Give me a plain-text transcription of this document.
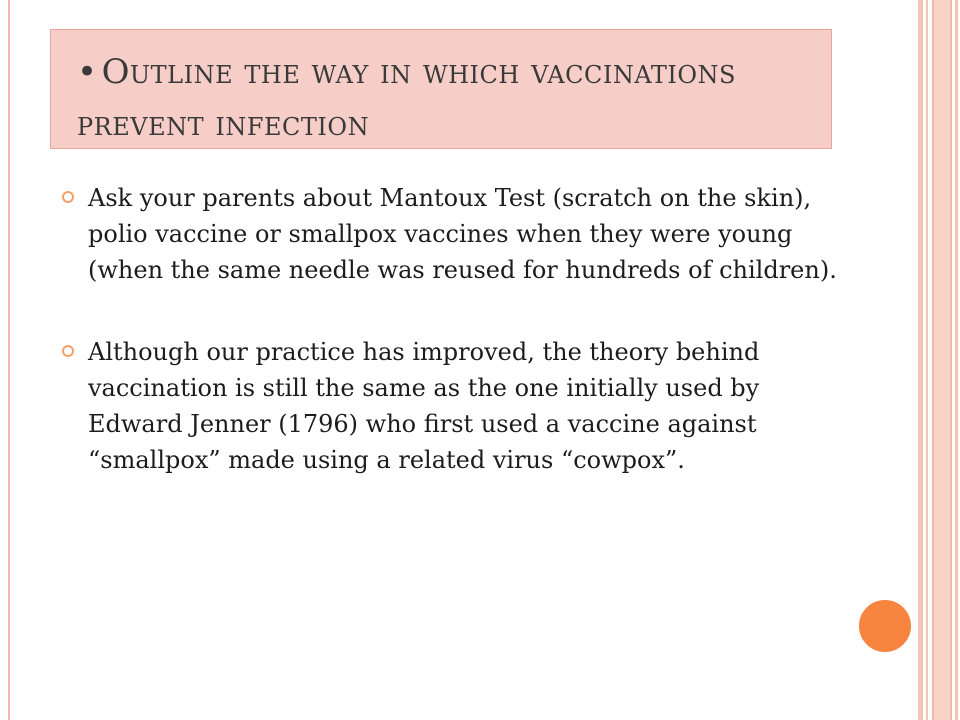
• Outline the way in which vaccinations prevent infection
Ask your parents about Mantoux Test (scratch on the skin), polio vaccine or smallpox vaccines when they were young (when the same needle was reused for hundreds of children).
Although our practice has improved, the theory behind vaccination is still the same as the one initially used by Edward Jenner (1796) who first used a vaccine against “smallpox” made using a related virus “cowpox”.
